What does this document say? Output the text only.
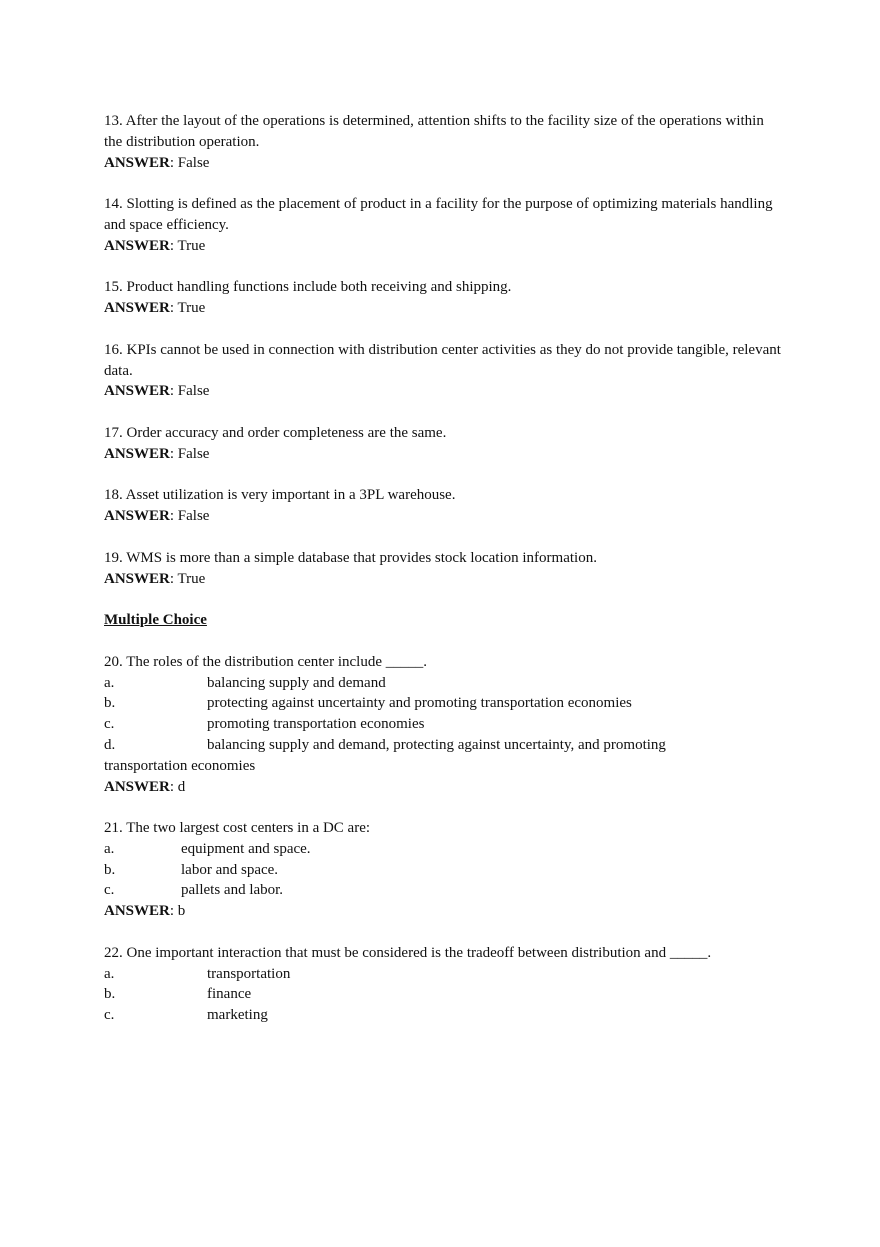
13. After the layout of the operations is determined, attention shifts to the facility size of the operations within the distribution operation.

ANSWER: False

14. Slotting is defined as the placement of product in a facility for the purpose of optimizing materials handling and space efficiency.

ANSWER: True

15. Product handling functions include both receiving and shipping.

ANSWER: True

16. KPIs cannot be used in connection with distribution center activities as they do not provide tangible, relevant data.

ANSWER: False

17. Order accuracy and order completeness are the same.

ANSWER: False

18. Asset utilization is very important in a 3PL warehouse.

ANSWER: False

19. WMS is more than a simple database that provides stock location information.

ANSWER: True

Multiple Choice

20. The roles of the distribution center include _____.

a.	balancing supply and demand
b.	protecting against uncertainty and promoting transportation economies
c.	promoting transportation economies
d.	balancing supply and demand, protecting against uncertainty, and promoting

transportation economies

ANSWER: d

21. The two largest cost centers in a DC are:

a.	equipment and space.
b.	labor and space.
c.	pallets and labor.

ANSWER: b

22. One important interaction that must be considered is the tradeoff between distribution and _____.

a.	transportation
b.	finance
c.	marketing
